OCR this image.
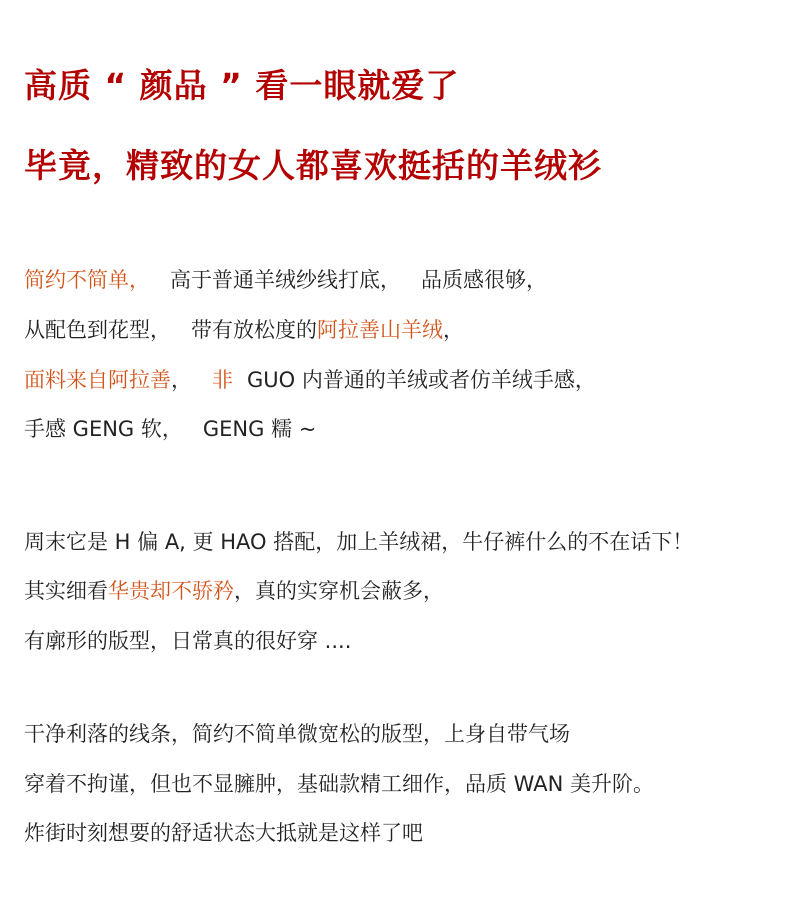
高质 “ 颜品 ” 看一眼就爱了
毕竟，精致的女人都喜欢挺括的羊绒衫

简约不简单， 高于普通羊绒纱线打底， 品质感很够，

从配色到花型， 带有放松度的阿拉善山羊绒，

面料来自阿拉善， 非 GUO 内普通的羊绒或者仿羊绒手感，

手感 GENG 软， GENG 糯 ~

周末它是 H 偏 A, 更 HAO 搭配，加上羊绒裙，牛仔裤什么的不在话下！

其实细看华贵却不骄矜，真的实穿机会蔽多，

有廓形的版型，日常真的很好穿 ....

干净利落的线条，简约不简单微宽松的版型，上身自带气场

穿着不拘谨，但也不显臃肿，基础款精工细作，品质 WAN 美升阶。

炸街时刻想要的舒适状态大抵就是这样了吧
